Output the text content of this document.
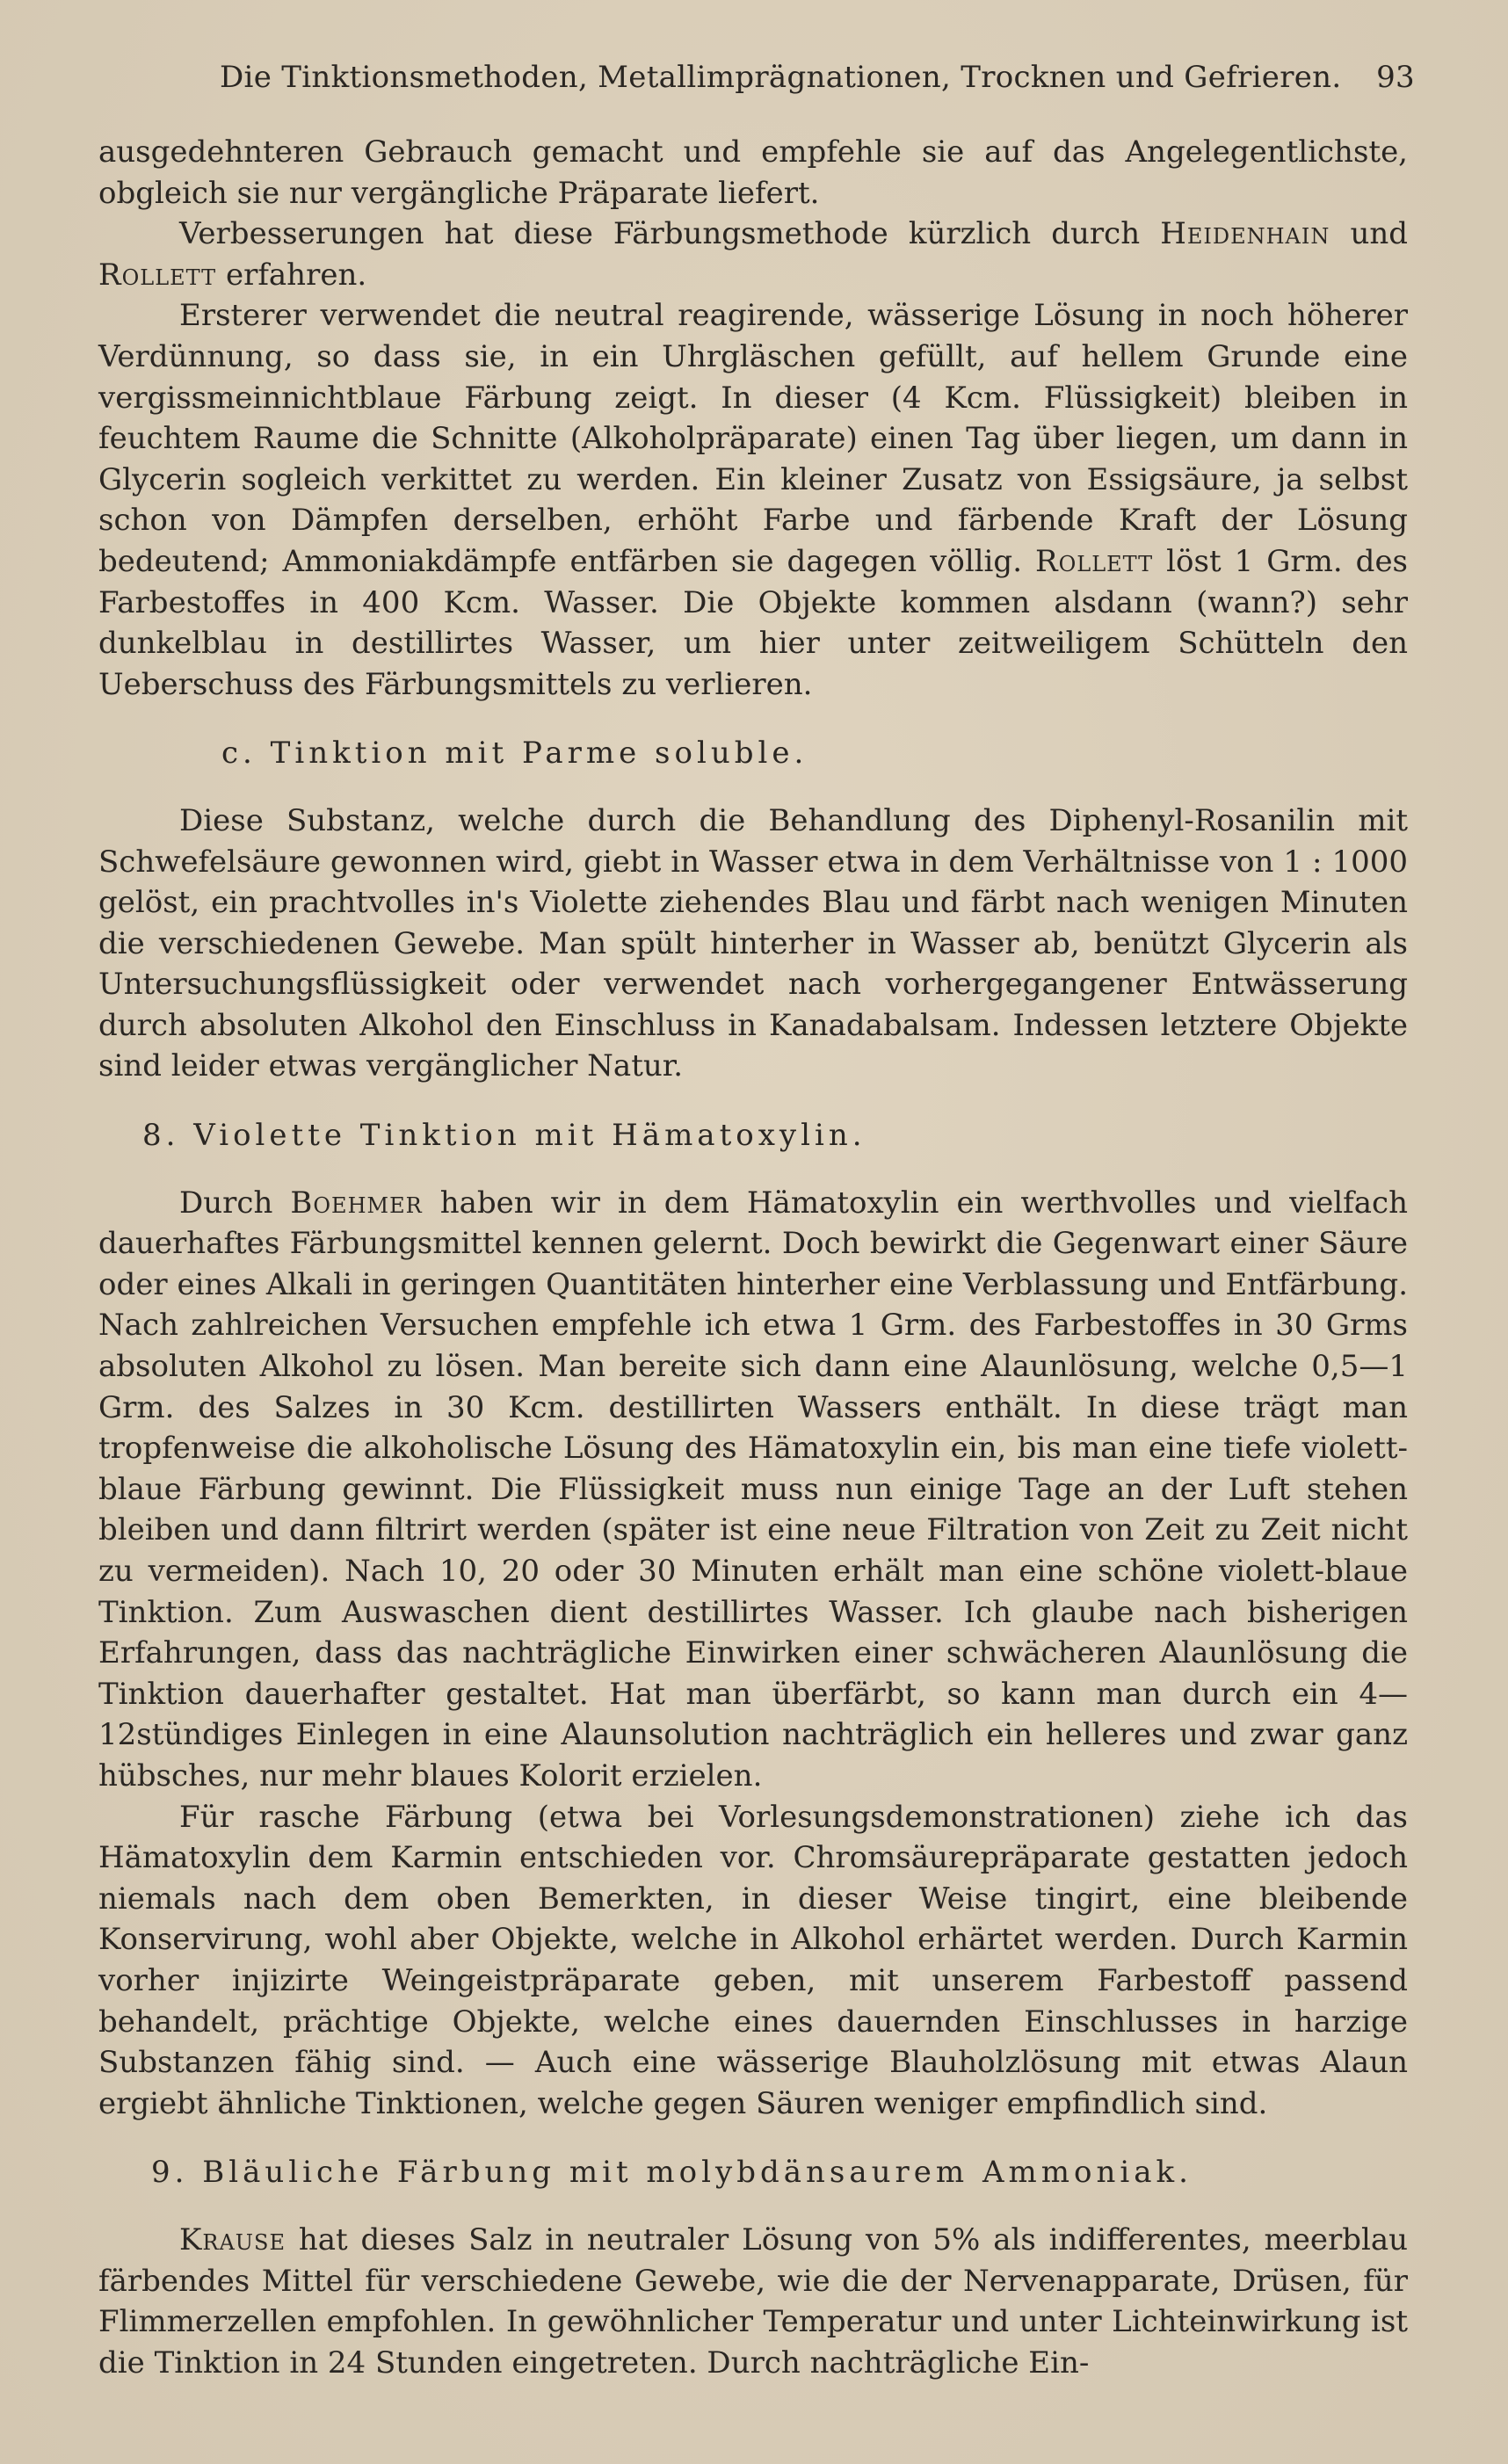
Die Tinktionsmethoden, Metallimprägnationen, Trocknen und Gefrieren. 93

ausgedehnteren Gebrauch gemacht und empfehle sie auf das Angelegentlichste, obgleich sie nur vergängliche Präparate liefert.

Verbesserungen hat diese Färbungsmethode kürzlich durch Heidenhain und Rollett erfahren.

Ersterer verwendet die neutral reagirende, wässerige Lösung in noch höherer Verdünnung, so dass sie, in ein Uhrgläschen gefüllt, auf hellem Grunde eine vergissmeinnichtblaue Färbung zeigt. In dieser (4 Kcm. Flüssigkeit) bleiben in feuchtem Raume die Schnitte (Alkoholpräparate) einen Tag über liegen, um dann in Glycerin sogleich verkittet zu werden. Ein kleiner Zusatz von Essigsäure, ja selbst schon von Dämpfen derselben, erhöht Farbe und färbende Kraft der Lösung bedeutend; Ammoniakdämpfe entfärben sie dagegen völlig. Rollett löst 1 Grm. des Farbestoffes in 400 Kcm. Wasser. Die Objekte kommen alsdann (wann?) sehr dunkelblau in destillirtes Wasser, um hier unter zeitweiligem Schütteln den Ueberschuss des Färbungsmittels zu verlieren.

c. Tinktion mit Parme soluble.

Diese Substanz, welche durch die Behandlung des Diphenyl-Rosanilin mit Schwefelsäure gewonnen wird, giebt in Wasser etwa in dem Verhältnisse von 1 : 1000 gelöst, ein prachtvolles in's Violette ziehendes Blau und färbt nach wenigen Minuten die verschiedenen Gewebe. Man spült hinterher in Wasser ab, benützt Glycerin als Untersuchungsflüssigkeit oder verwendet nach vorhergegangener Entwässerung durch absoluten Alkohol den Einschluss in Kanadabalsam. Indessen letztere Objekte sind leider etwas vergänglicher Natur.

8. Violette Tinktion mit Hämatoxylin.

Durch Boehmer haben wir in dem Hämatoxylin ein werthvolles und vielfach dauerhaftes Färbungsmittel kennen gelernt. Doch bewirkt die Gegenwart einer Säure oder eines Alkali in geringen Quantitäten hinterher eine Verblassung und Entfärbung. Nach zahlreichen Versuchen empfehle ich etwa 1 Grm. des Farbestoffes in 30 Grms absoluten Alkohol zu lösen. Man bereite sich dann eine Alaunlösung, welche 0,5—1 Grm. des Salzes in 30 Kcm. destillirten Wassers enthält. In diese trägt man tropfenweise die alkoholische Lösung des Hämatoxylin ein, bis man eine tiefe violett-blaue Färbung gewinnt. Die Flüssigkeit muss nun einige Tage an der Luft stehen bleiben und dann filtrirt werden (später ist eine neue Filtration von Zeit zu Zeit nicht zu vermeiden). Nach 10, 20 oder 30 Minuten erhält man eine schöne violett-blaue Tinktion. Zum Auswaschen dient destillirtes Wasser. Ich glaube nach bisherigen Erfahrungen, dass das nachträgliche Einwirken einer schwächeren Alaunlösung die Tinktion dauerhafter gestaltet. Hat man überfärbt, so kann man durch ein 4—12stündiges Einlegen in eine Alaunsolution nachträglich ein helleres und zwar ganz hübsches, nur mehr blaues Kolorit erzielen.

Für rasche Färbung (etwa bei Vorlesungsdemonstrationen) ziehe ich das Hämatoxylin dem Karmin entschieden vor. Chromsäurepräparate gestatten jedoch niemals nach dem oben Bemerkten, in dieser Weise tingirt, eine bleibende Konservirung, wohl aber Objekte, welche in Alkohol erhärtet werden. Durch Karmin vorher injizirte Weingeistpräparate geben, mit unserem Farbestoff passend behandelt, prächtige Objekte, welche eines dauernden Einschlusses in harzige Substanzen fähig sind. — Auch eine wässerige Blauholzlösung mit etwas Alaun ergiebt ähnliche Tinktionen, welche gegen Säuren weniger empfindlich sind.

9. Bläuliche Färbung mit molybdänsaurem Ammoniak.

Krause hat dieses Salz in neutraler Lösung von 5% als indifferentes, meerblau färbendes Mittel für verschiedene Gewebe, wie die der Nervenapparate, Drüsen, für Flimmerzellen empfohlen. In gewöhnlicher Temperatur und unter Lichteinwirkung ist die Tinktion in 24 Stunden eingetreten. Durch nachträgliche Ein-
